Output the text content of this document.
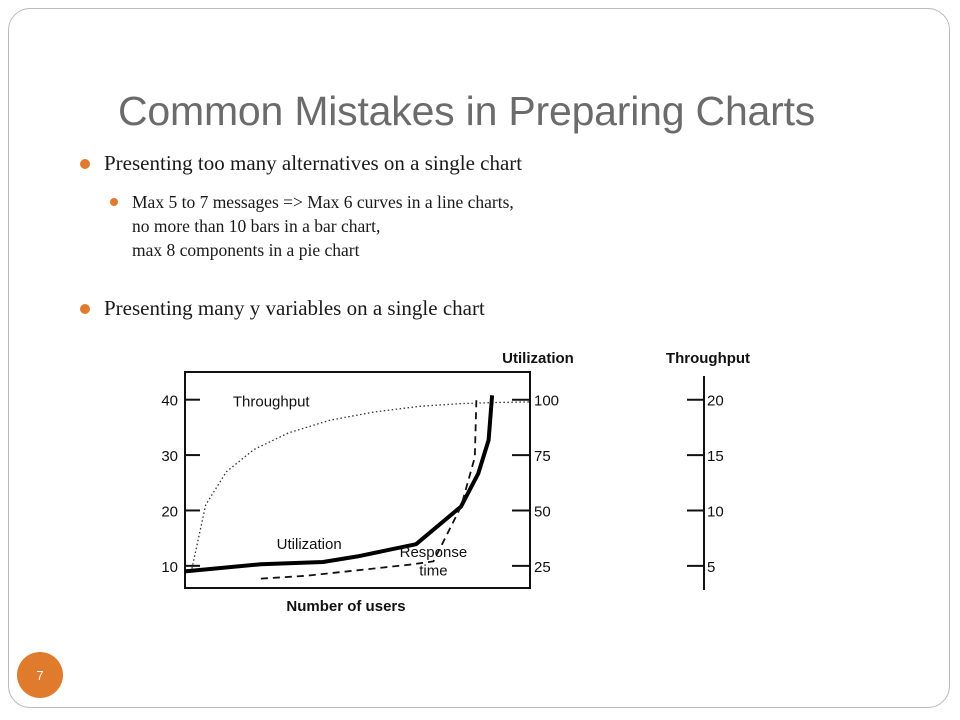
Common Mistakes in Preparing Charts
Presenting too many alternatives on a single chart
Max 5 to 7 messages => Max 6 curves in a line charts,
no more than 10 bars in a bar chart,
max 8 components in a pie chart
Presenting many y variables on a single chart
40
30
20
10
Utilization
100
75
50
25
Throughput
20
15
10
5
Number of users
Throughput
Utilization	Response
time
7
